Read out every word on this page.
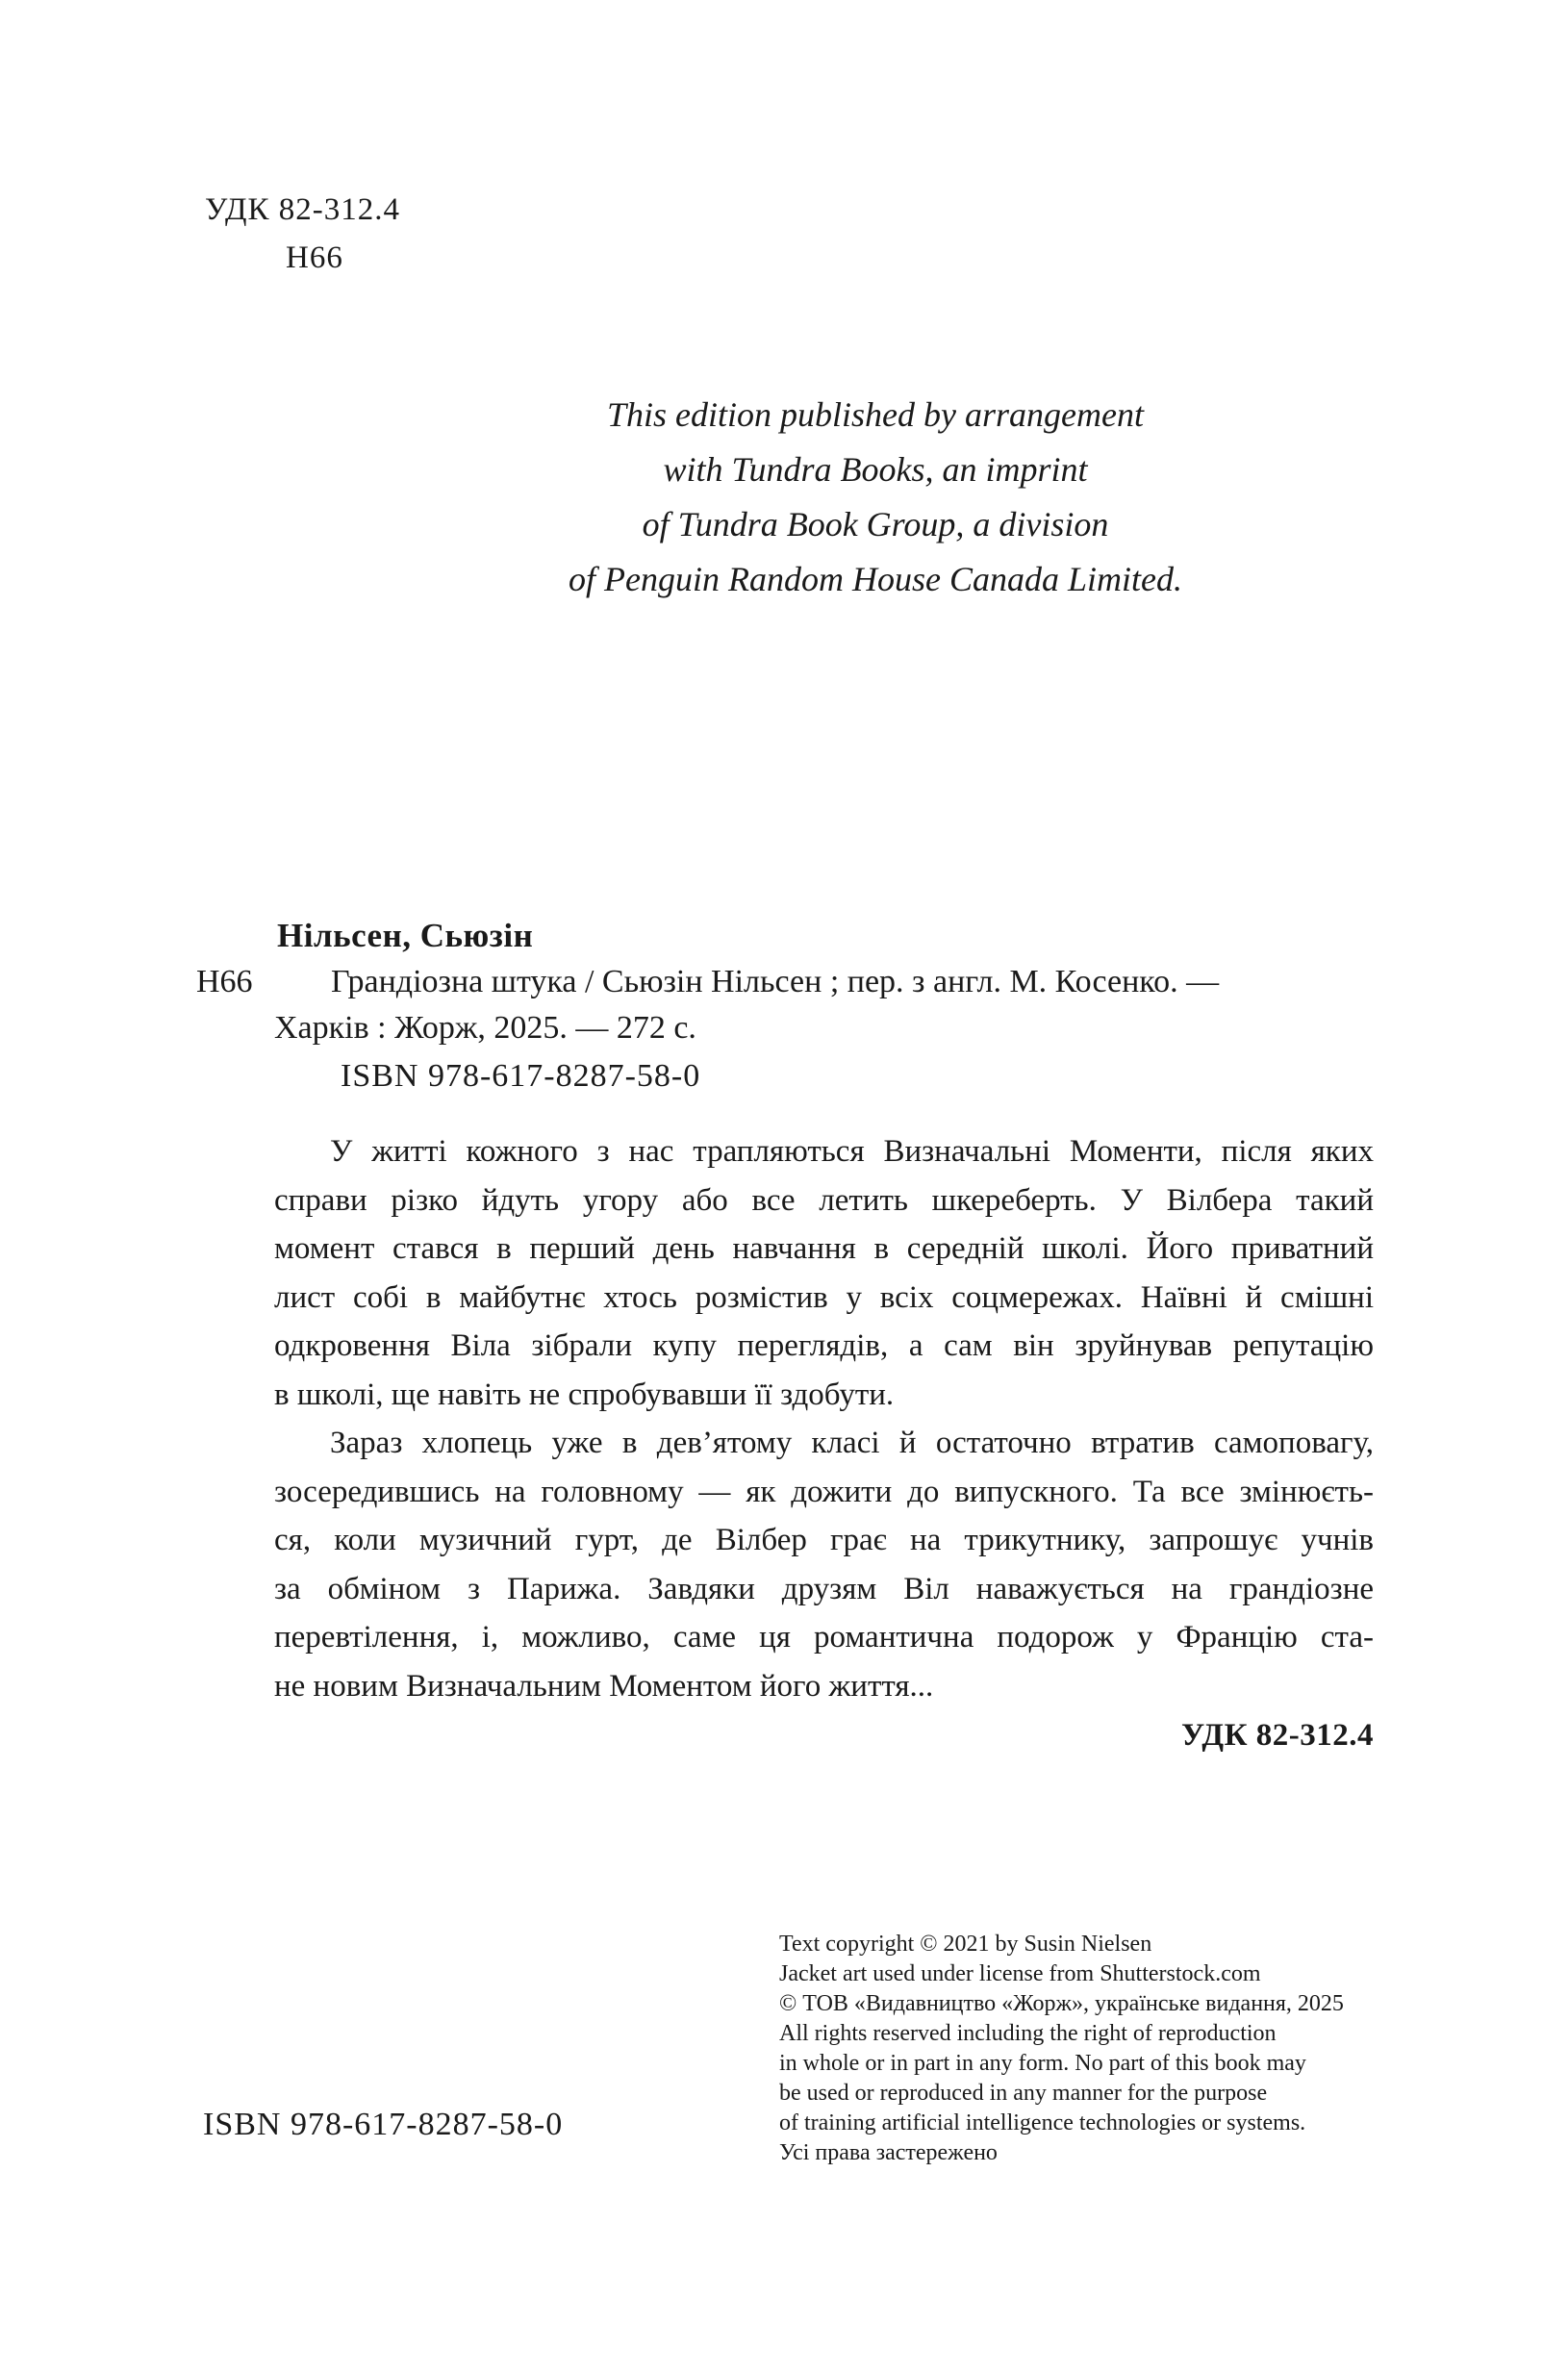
УДК 82-312.4
Н66
This edition published by arrangement
with Tundra Books, an imprint
of Tundra Book Group, a division
of Penguin Random House Canada Limited.
Нільсен, Сьюзін
Н66 Грандіозна штука / Сьюзін Нільсен ; пер. з англ. М. Косенко. —
Харків : Жорж, 2025. — 272 с.
ISBN 978-617-8287-58-0
У житті кожного з нас трапляються Визначальні Моменти, після яких
справи різко йдуть угору або все летить шкереберть. У Вілбера такий
момент стався в перший день навчання в середній школі. Його приватний
лист собі в майбутнє хтось розмістив у всіх соцмережах. Наївні й смішні
одкровення Віла зібрали купу переглядів, а сам він зруйнував репутацію
в школі, ще навіть не спробувавши її здобути.
Зараз хлопець уже в дев’ятому класі й остаточно втратив самоповагу,
зосередившись на головному — як дожити до випускного. Та все змінюєть-
ся, коли музичний гурт, де Вілбер грає на трикутнику, запрошує учнів
за обміном з Парижа. Завдяки друзям Віл наважується на грандіозне
перевтілення, і, можливо, саме ця романтична подорож у Францію ста-
не новим Визначальним Моментом його життя...
УДК 82-312.4
Text copyright © 2021 by Susin Nielsen
Jacket art used under license from Shutterstock.com
© ТОВ «Видавництво «Жорж», українське видання, 2025
All rights reserved including the right of reproduction
in whole or in part in any form. No part of this book may
be used or reproduced in any manner for the purpose
of training artificial intelligence technologies or systems.
Усі права застережено
ISBN 978-617-8287-58-0
